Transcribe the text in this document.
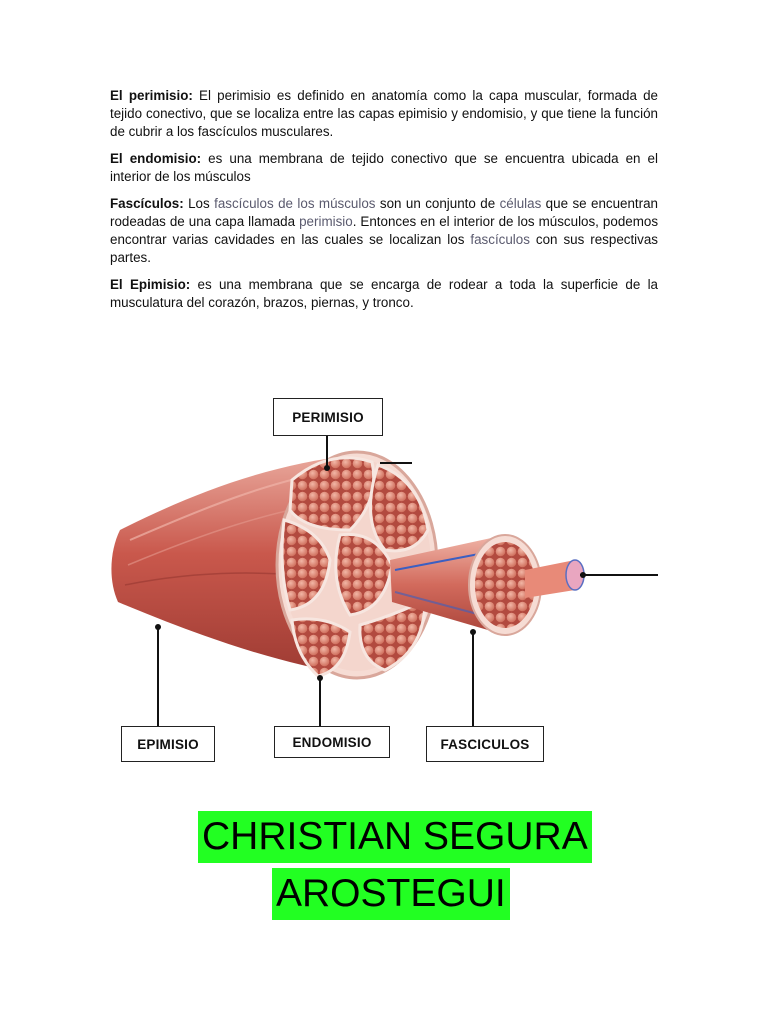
El perimisio: El perimisio es definido en anatomía como la capa muscular, formada de tejido conectivo, que se localiza entre las capas epimisio y endomisio, y que tiene la función de cubrir a los fascículos musculares.

El endomisio: es una membrana de tejido conectivo que se encuentra ubicada en el interior de los músculos

Fascículos: Los fascículos de los músculos son un conjunto de células que se encuentran rodeadas de una capa llamada perimisio. Entonces en el interior de los músculos, podemos encontrar varias cavidades en las cuales se localizan los fascículos con sus respectivas partes.

El Epimisio: es una membrana que se encarga de rodear a toda la superficie de la musculatura del corazón, brazos, piernas, y tronco.

PERIMISIO
EPIMISIO	ENDOMISIO	FASCICULOS
CHRISTIAN SEGURA
AROSTEGUI
